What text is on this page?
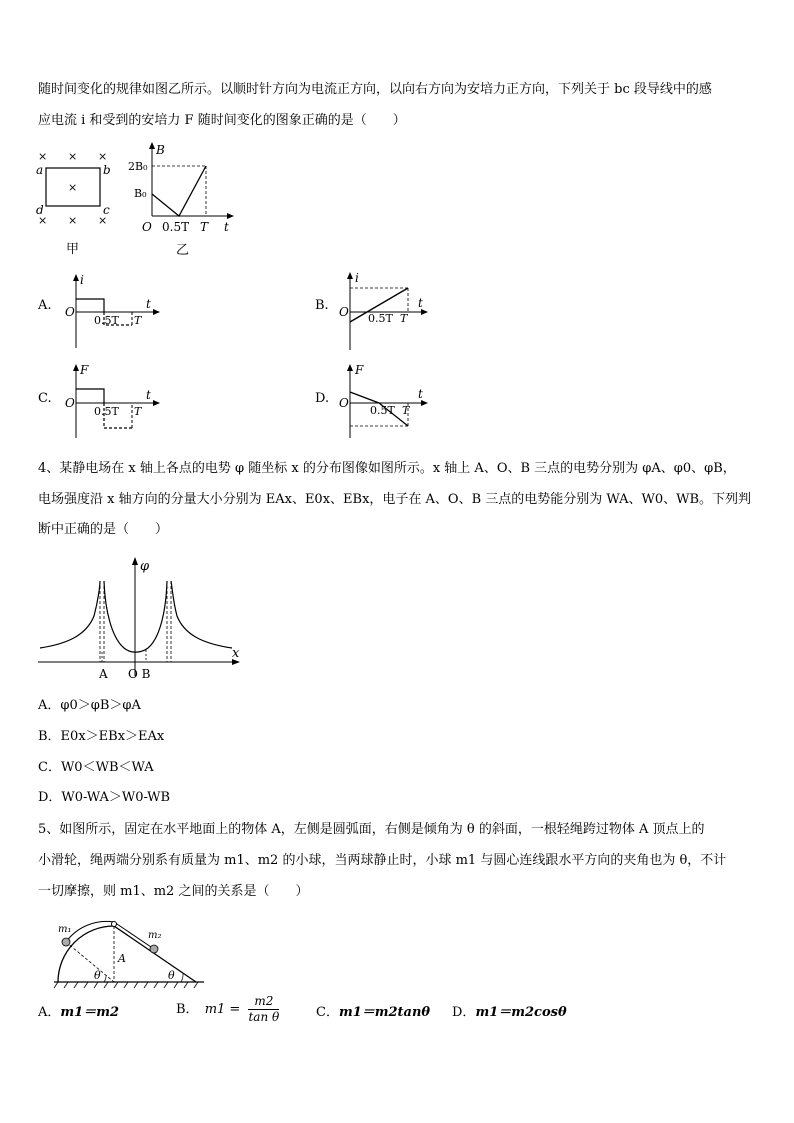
随时间变化的规律如图乙所示。以顺时针方向为电流正方向，以向右方向为安培力正方向，下列关于 bc 段导线中的感
应电流 i 和受到的安培力 F 随时间变化的图象正确的是（　　）
× × ×
×
× × ×
a	b
c
d
甲
B
2B₀
B₀
O 0.5T T t
乙
A.
i
t
O
0.5T T
B.
i
t
O 0.5T T
C.
F
t
O
0.5T T
D.
F
t
O
0.5T T
4、某静电场在 x 轴上各点的电势 φ 随坐标 x 的分布图像如图所示。x 轴上 A、O、B 三点的电势分别为 φA、φ0、φB，
电场强度沿 x 轴方向的分量大小分别为 EAx、E0x、EBx，电子在 A、O、B 三点的电势能分别为 WA、W0、WB。下列判
断中正确的是（　　）
φ
x
A O B
A．φ0＞φB＞φA
B．E0x＞EBx＞EAx
C．W0＜WB＜WA
D．W0-WA＞W0-WB
5、如图所示，固定在水平地面上的物体 A，左侧是圆弧面，右侧是倾角为 θ 的斜面，一根轻绳跨过物体 A 顶点上的
小滑轮，绳两端分别系有质量为 m1、m2 的小球，当两球静止时，小球 m1 与圆心连线跟水平方向的夹角也为 θ，不计
一切摩擦，则 m1、m2 之间的关系是（　　）
m₁
m₂
A
θ	θ
A．m1＝m2	B． $m1 = \frac{m2}{\text{tan θ}}$	C．m1＝m2tanθ D．m1＝m2cosθ
